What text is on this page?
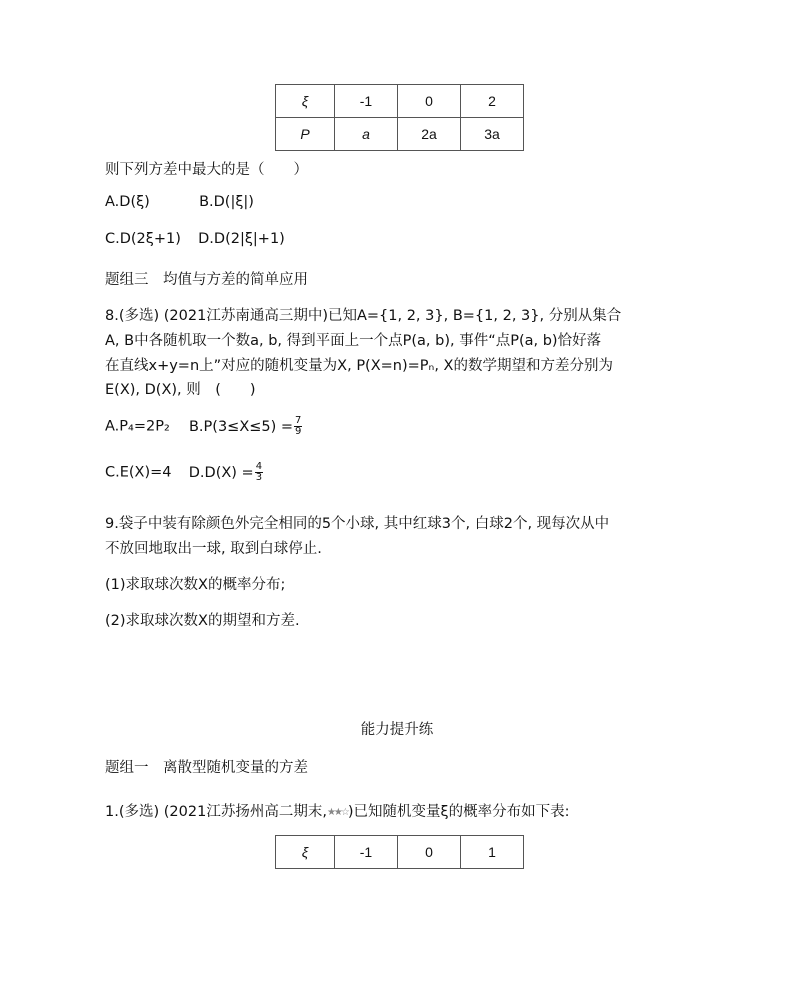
ξ	-1	0	2
P	a	2a	3a
则下列方差中最大的是（　　）
A.D(ξ)	B.D(|ξ|)
C.D(2ξ+1) D.D(2|ξ|+1)
题组三　均值与方差的简单应用
8.(多选) (2021江苏南通高三期中)已知A={1, 2, 3}, B={1, 2, 3}, 分别从集合
A, B中各随机取一个数a, b, 得到平面上一个点P(a, b), 事件“点P(a, b)恰好落
在直线x+y=n上”对应的随机变量为X, P(X=n)=Pₙ, X的数学期望和方差分别为
E(X), D(X), 则　(　　)
A.P₄=2P₂ $B.P(3\le X\le 5) = \frac{7}{9}$
C.E(X)=4 $D.D(X) = \frac{4}{3}$
9.袋子中装有除颜色外完全相同的5个小球, 其中红球3个, 白球2个, 现每次从中
不放回地取出一球, 取到白球停止.
(1)求取球次数X的概率分布;
(2)求取球次数X的期望和方差.
能力提升练
题组一　离散型随机变量的方差
1.(多选) (2021江苏扬州高二期末,★★☆)已知随机变量ξ的概率分布如下表:
ξ	-1	0	1
